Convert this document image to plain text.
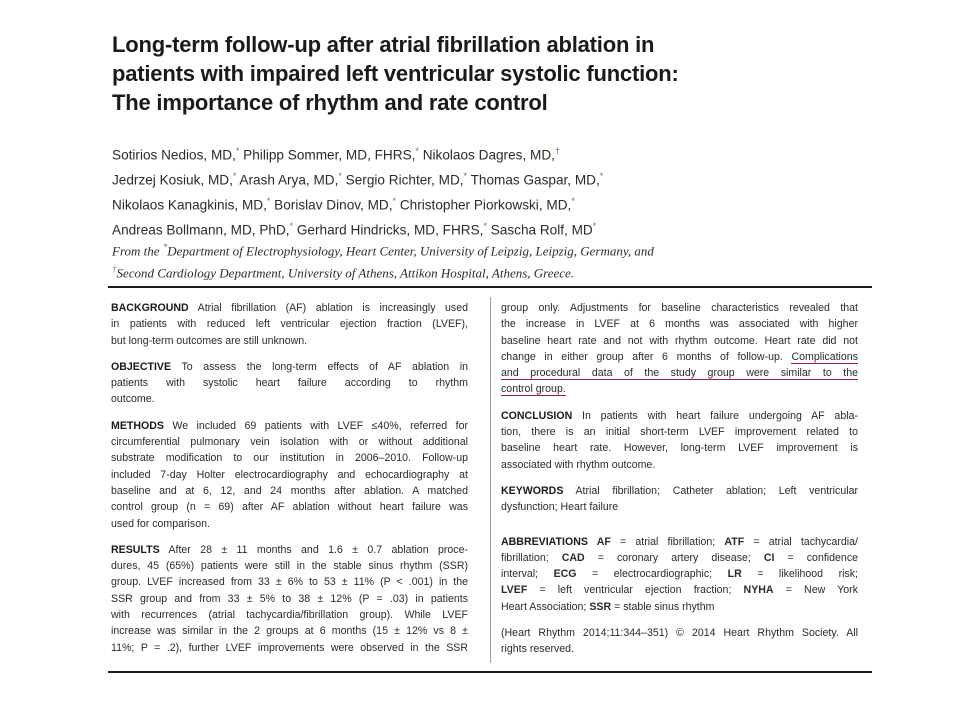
Long-term follow-up after atrial fibrillation ablation in
patients with impaired left ventricular systolic function:
The importance of rhythm and rate control
Sotirios Nedios, MD,* Philipp Sommer, MD, FHRS,* Nikolaos Dagres, MD,†
Jedrzej Kosiuk, MD,* Arash Arya, MD,* Sergio Richter, MD,* Thomas Gaspar, MD,*
Nikolaos Kanagkinis, MD,* Borislav Dinov, MD,* Christopher Piorkowski, MD,*
Andreas Bollmann, MD, PhD,* Gerhard Hindricks, MD, FHRS,* Sascha Rolf, MD*
From the *Department of Electrophysiology, Heart Center, University of Leipzig, Leipzig, Germany, and
†Second Cardiology Department, University of Athens, Attikon Hospital, Athens, Greece.
BACKGROUND Atrial fibrillation (AF) ablation is increasingly used
in patients with reduced left ventricular ejection fraction (LVEF),
but long-term outcomes are still unknown.
OBJECTIVE To assess the long-term effects of AF ablation in
patients with systolic heart failure according to rhythm
outcome.
METHODS We included 69 patients with LVEF ≤40%, referred for
circumferential pulmonary vein isolation with or without additional
substrate modification to our institution in 2006–2010. Follow-up
included 7-day Holter electrocardiography and echocardiography at
baseline and at 6, 12, and 24 months after ablation. A matched
control group (n = 69) after AF ablation without heart failure was
used for comparison.
RESULTS After 28 ± 11 months and 1.6 ± 0.7 ablation proce-
dures, 45 (65%) patients were still in the stable sinus rhythm (SSR)
group. LVEF increased from 33 ± 6% to 53 ± 11% (P < .001) in the
SSR group and from 33 ± 5% to 38 ± 12% (P = .03) in patients
with recurrences (atrial tachycardia/fibrillation group). While LVEF
increase was similar in the 2 groups at 6 months (15 ± 12% vs 8 ±
11%; P = .2), further LVEF improvements were observed in the SSR
group only. Adjustments for baseline characteristics revealed that
the increase in LVEF at 6 months was associated with higher
baseline heart rate and not with rhythm outcome. Heart rate did not
change in either group after 6 months of follow-up. Complications
and procedural data of the study group were similar to the
control group.
CONCLUSION In patients with heart failure undergoing AF abla-
tion, there is an initial short-term LVEF improvement related to
baseline heart rate. However, long-term LVEF improvement is
associated with rhythm outcome.
KEYWORDS Atrial fibrillation; Catheter ablation; Left ventricular
dysfunction; Heart failure
ABBREVIATIONS AF = atrial fibrillation; ATF = atrial tachycardia/
fibrillation; CAD = coronary artery disease; CI = confidence
interval; ECG = electrocardiographic; LR = likelihood risk;
LVEF = left ventricular ejection fraction; NYHA = New York
Heart Association; SSR = stable sinus rhythm
(Heart Rhythm 2014;11:344–351) © 2014 Heart Rhythm Society. All
rights reserved.
